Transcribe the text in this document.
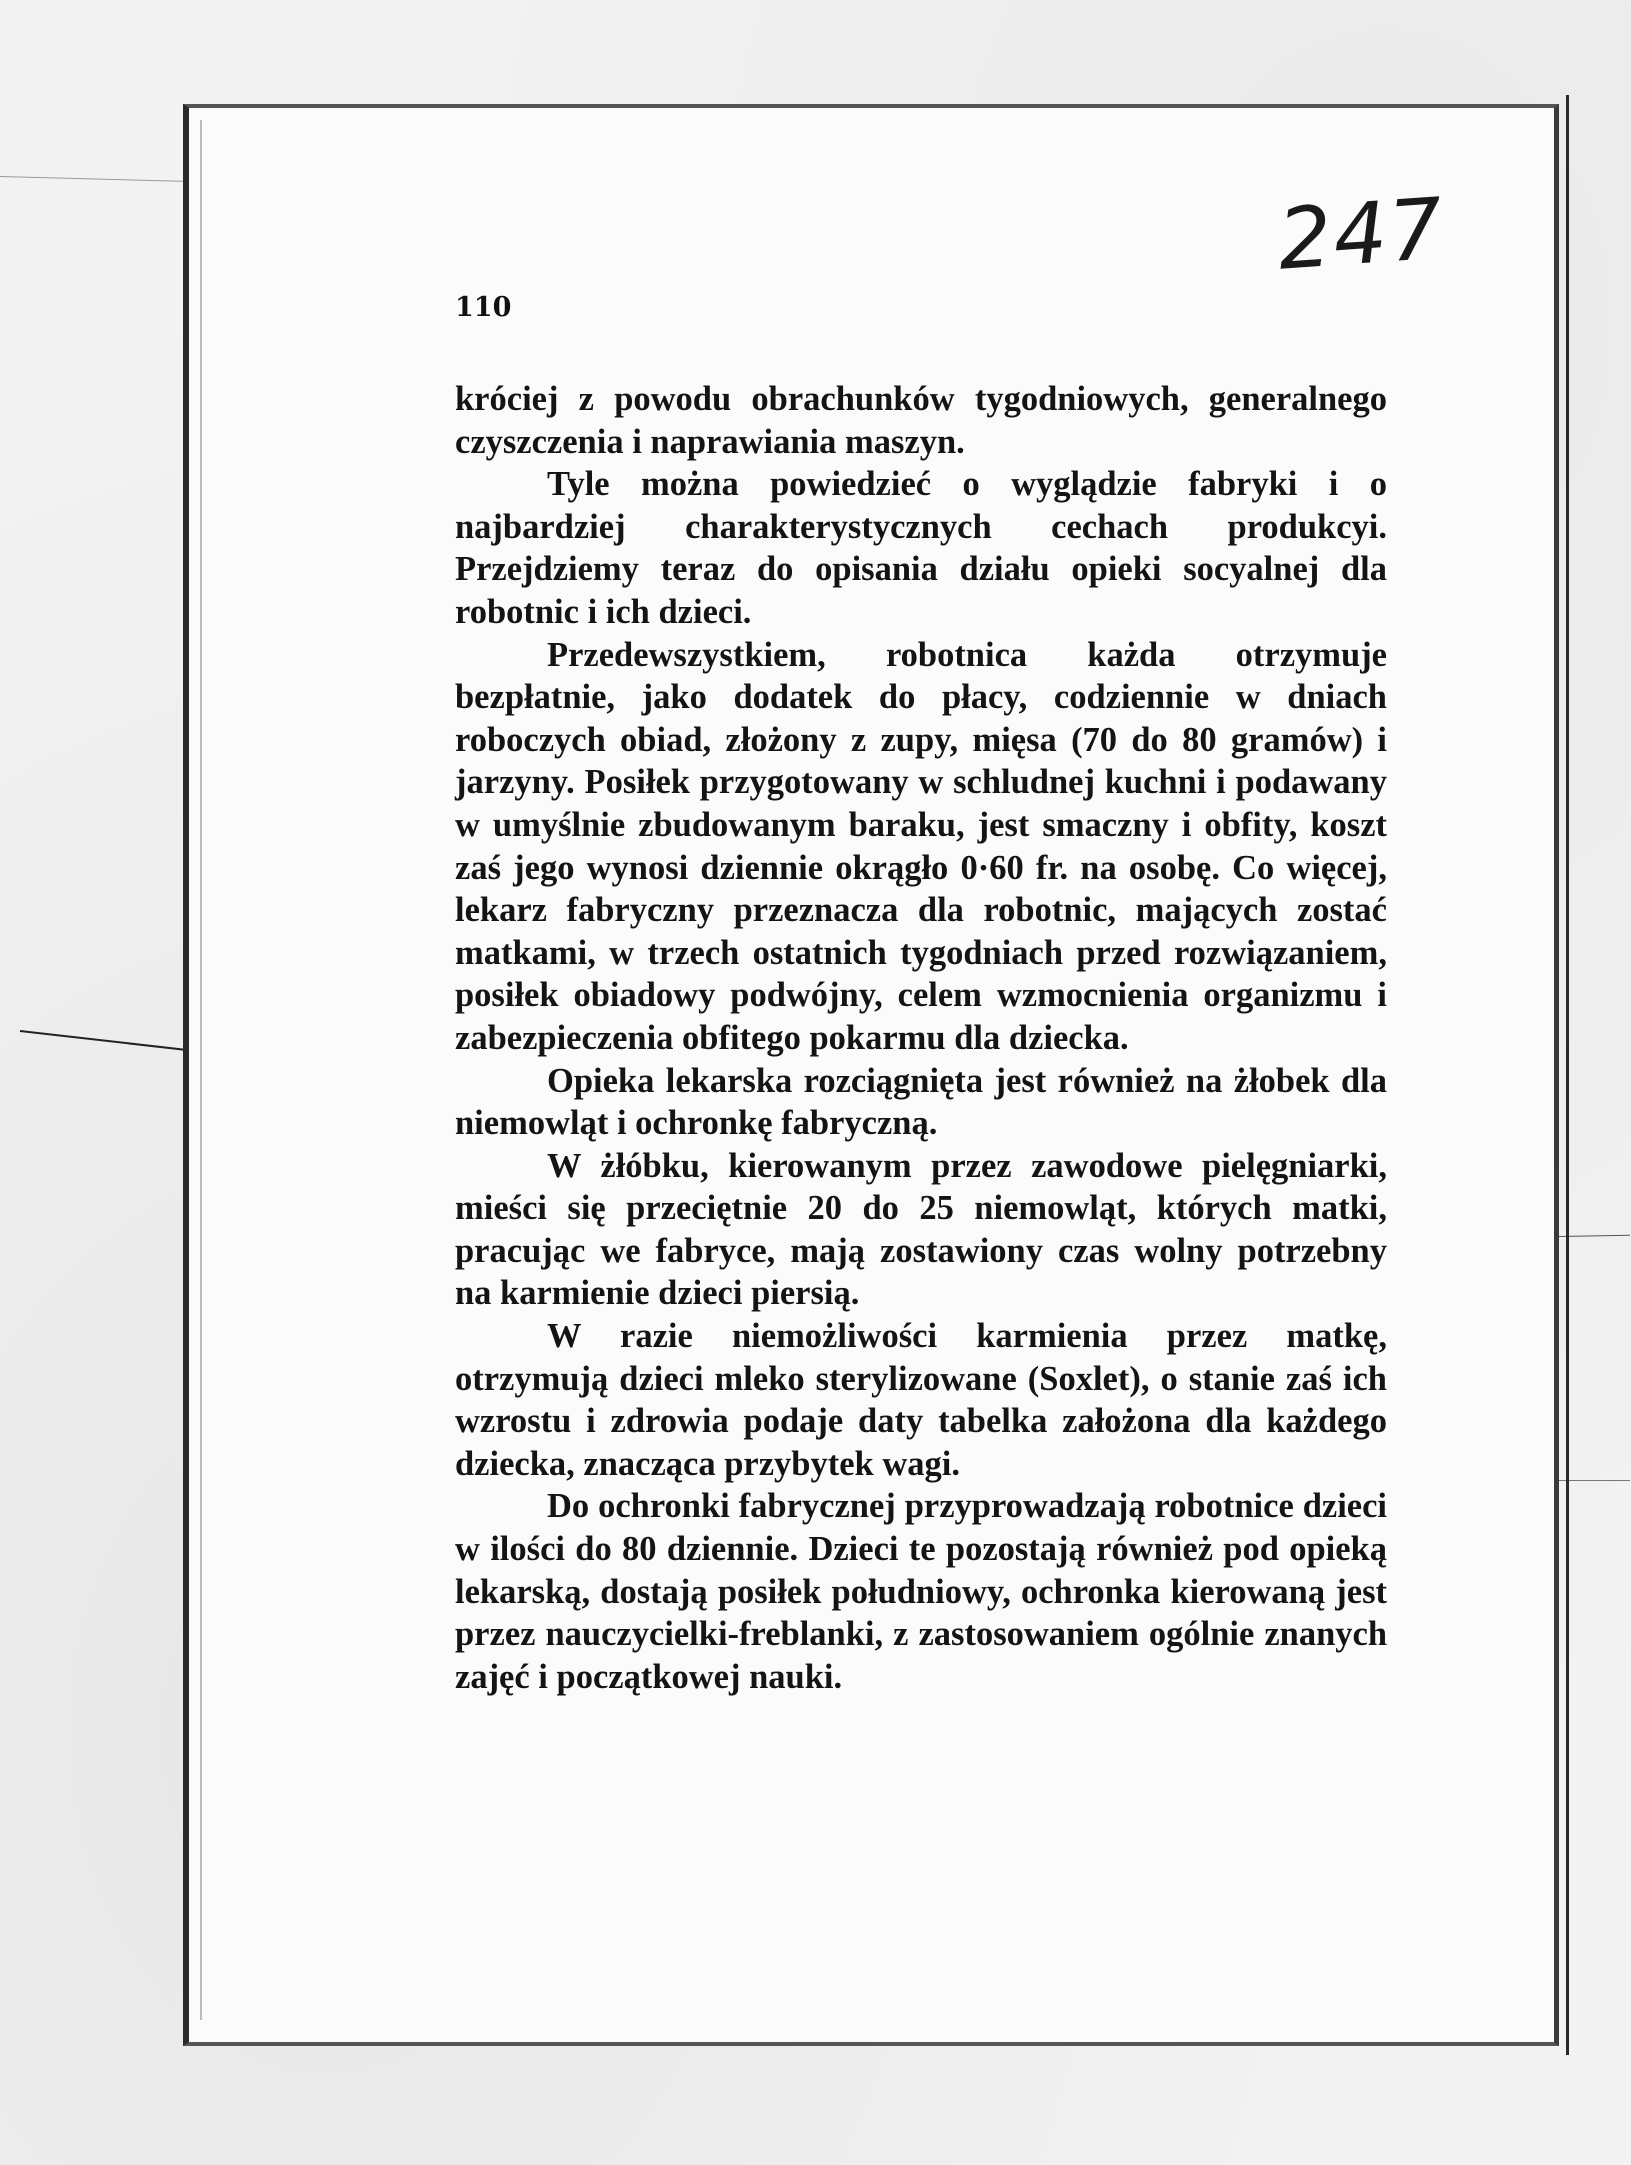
247
110

króciej z powodu obrachunków tygodniowych, generalnego czyszczenia i naprawiania maszyn.

Tyle można powiedzieć o wyglądzie fabryki i o najbardziej charakterystycznych cechach produkcyi. Przejdziemy teraz do opisania działu opieki socyalnej dla robotnic i ich dzieci.

Przedewszystkiem, robotnica każda otrzymuje bezpłatnie, jako dodatek do płacy, codziennie w dniach roboczych obiad, złożony z zupy, mięsa (70 do 80 gramów) i jarzyny. Posiłek przygotowany w schludnej kuchni i podawany w umyślnie zbudowanym baraku, jest smaczny i obfity, koszt zaś jego wynosi dziennie okrągło 0·60 fr. na osobę. Co więcej, lekarz fabryczny przeznacza dla robotnic, mających zostać matkami, w trzech ostatnich tygodniach przed rozwiązaniem, posiłek obiadowy podwójny, celem wzmocnienia organizmu i zabezpieczenia obfitego pokarmu dla dziecka.

Opieka lekarska rozciągnięta jest również na żłobek dla niemowląt i ochronkę fabryczną.

W żłóbku, kierowanym przez zawodowe pielęgniarki, mieści się przeciętnie 20 do 25 niemowląt, których matki, pracując we fabryce, mają zostawiony czas wolny potrzebny na karmienie dzieci piersią.

W razie niemożliwości karmienia przez matkę, otrzymują dzieci mleko sterylizowane (Soxlet), o stanie zaś ich wzrostu i zdrowia podaje daty tabelka założona dla każdego dziecka, znacząca przybytek wagi.

Do ochronki fabrycznej przyprowadzają robotnice dzieci w ilości do 80 dziennie. Dzieci te pozostają również pod opieką lekarską, dostają posiłek południowy, ochronka kierowaną jest przez nauczycielki-freblanki, z zastosowaniem ogólnie znanych zajęć i początkowej nauki.
